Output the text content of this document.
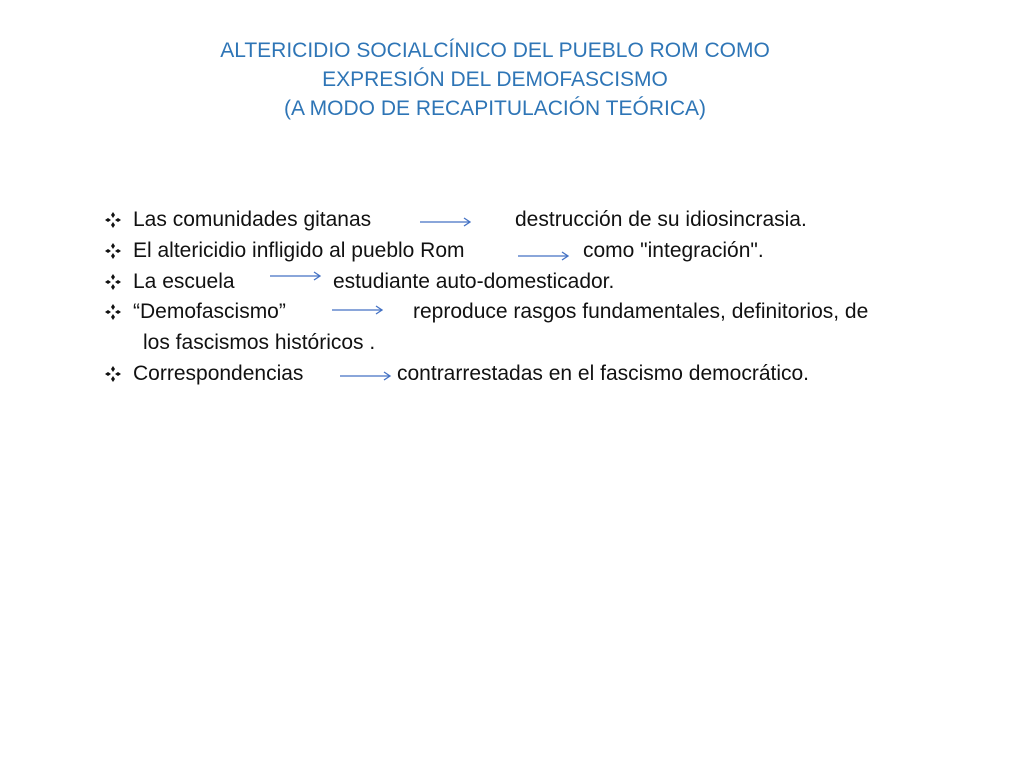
ALTERICIDIO SOCIALCÍNICO DEL PUEBLO ROM COMO
EXPRESIÓN DEL DEMOFASCISMO
(A MODO DE RECAPITULACIÓN TEÓRICA)
Las comunidades gitanas	destrucción de su idiosincrasia.
El altericidio infligido al pueblo Rom	como "integración".
La escuela	estudiante auto-domesticador.
“Demofascismo”	reproduce rasgos fundamentales, definitorios, de
los fascismos históricos .
Correspondencias	contrarrestadas en el fascismo democrático.
